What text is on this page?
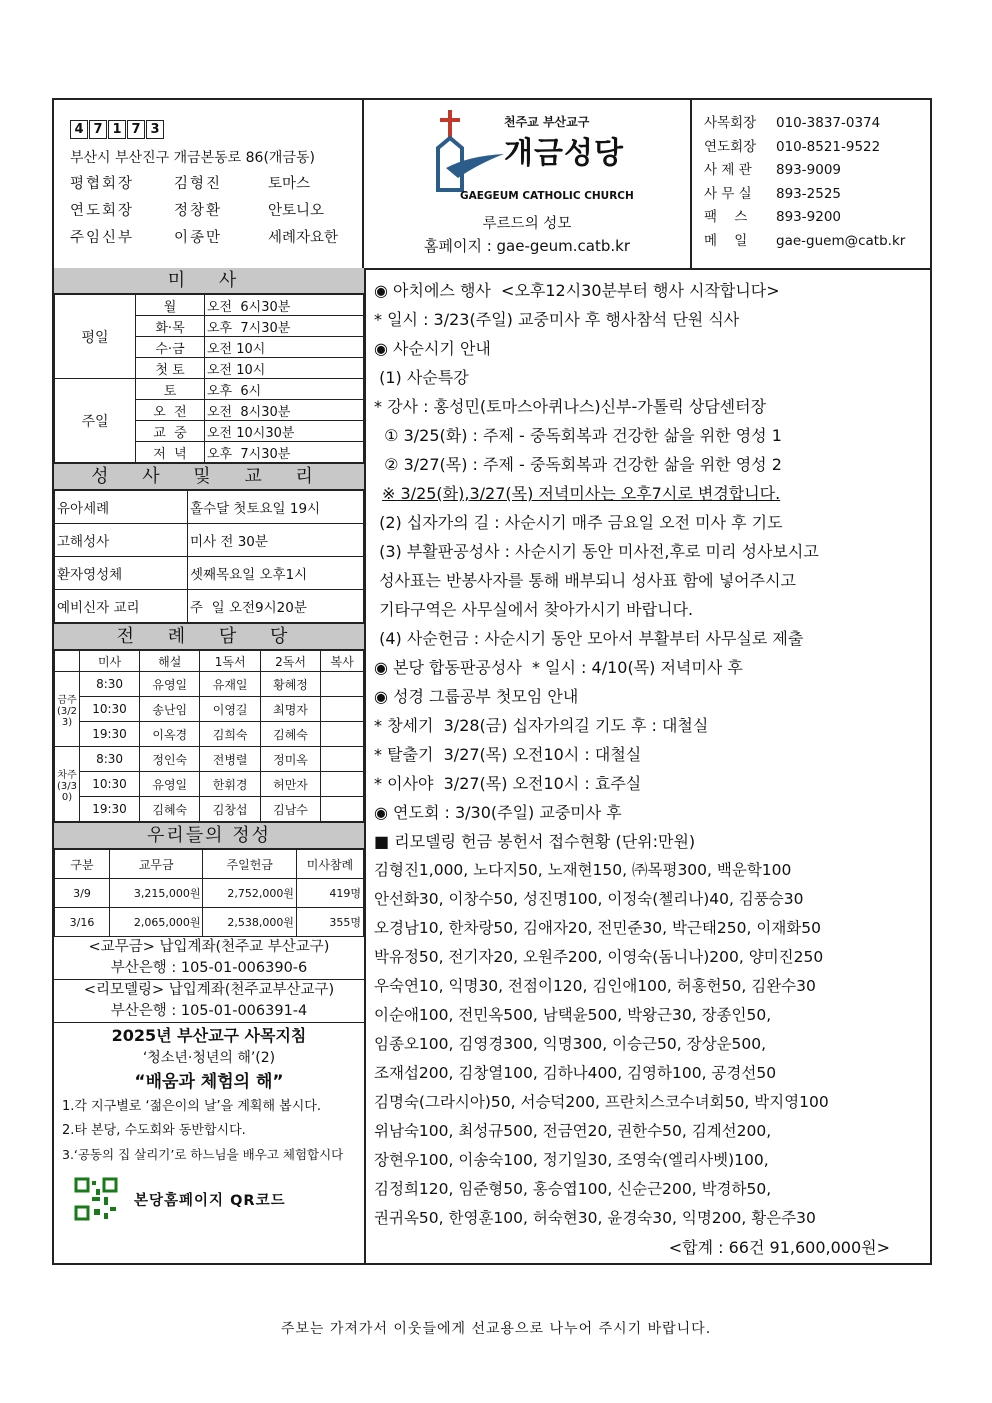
4 7 1 7 3
부산시 부산진구 개금본동로 86(개금동)
평협회장	김형진	토마스
연도회장	정창환	안토니오
주임신부	이종만	세례자요한
천주교 부산교구
개금성당
GAEGEUM CATHOLIC CHURCH
루르드의 성모
홈페이지 : gae-geum.catb.kr
사목회장	010-3837-0374
연도회장	010-8521-9522
사 제 관	893-9009
사 무 실	893-2525
팩    스	893-9200
메    일	gae-guem@catb.kr
미 사
평일	월	오전  6시30분
	화·목	오후  7시30분
	수·금	오전 10시
	첫 토	오전 10시
주일	토	오후  6시
	오  전	오전  8시30분
	교  중	오전 10시30분
	저  녁	오후  7시30분
성 사 및 교 리
유아세례	홀수달 첫토요일 19시
고해성사	미사 전 30분
환자영성체	셋째목요일 오후1시
예비신자 교리	주  일 오전9시20분
전 례 담 당
	미사	해설	1독서	2독서	복사
금주(3/23)	8:30	유영일	유재일	황혜정	
	10:30	송난임	이영길	최명자	
	19:30	이옥경	김희숙	김혜숙	
차주(3/30)	8:30	정인숙	전병렬	정미옥	
	10:30	유영일	한휘경	허만자	
	19:30	김혜숙	김창섭	김남수	
우리들의 정성
구분	교무금	주일헌금	미사참례
3/9	3,215,000원	2,752,000원	419명
3/16	2,065,000원	2,538,000원	355명
<교무금> 납입계좌(천주교 부산교구)
부산은행 : 105-01-006390-6
<리모델링> 납입계좌(천주교부산교구)
부산은행 : 105-01-006391-4
2025년 부산교구 사목지침
‘청소년·청년의 해’(2)
“배움과 체험의 해”
1.각 지구별로 ‘젊은이의 날’을 계획해 봅시다.
2.타 본당, 수도회와 동반합시다.
3.‘공동의 집 살리기’로 하느님을 배우고 체험합시다
본당홈페이지 QR코드
◉ 아치에스 행사  <오후12시30분부터 행사 시작합니다>
* 일시 : 3/23(주일) 교중미사 후 행사참석 단원 식사
◉ 사순시기 안내
(1) 사순특강
* 강사 : 홍성민(토마스아퀴나스)신부-가톨릭 상담센터장
① 3/25(화) : 주제 - 중독회복과 건강한 삶을 위한 영성 1
② 3/27(목) : 주제 - 중독회복과 건강한 삶을 위한 영성 2
※ 3/25(화),3/27(목) 저녁미사는 오후7시로 변경합니다.
(2) 십자가의 길 : 사순시기 매주 금요일 오전 미사 후 기도
(3) 부활판공성사 : 사순시기 동안 미사전,후로 미리 성사보시고
성사표는 반봉사자를 통해 배부되니 성사표 함에 넣어주시고
기타구역은 사무실에서 찾아가시기 바랍니다.
(4) 사순헌금 : 사순시기 동안 모아서 부활부터 사무실로 제출
◉ 본당 합동판공성사  * 일시 : 4/10(목) 저녁미사 후
◉ 성경 그룹공부 첫모임 안내
* 창세기  3/28(금) 십자가의길 기도 후 : 대철실
* 탈출기  3/27(목) 오전10시 : 대철실
* 이사야  3/27(목) 오전10시 : 효주실
◉ 연도회 : 3/30(주일) 교중미사 후
■ 리모델링 헌금 봉헌서 접수현황 (단위:만원)
김형진1,000, 노다지50, 노재현150, ㈜목평300, 백운학100
안선화30, 이창수50, 성진명100, 이정숙(첼리나)40, 김풍승30
오경남10, 한차랑50, 김애자20, 전민준30, 박근태250, 이재화50
박유정50, 전기자20, 오원주200, 이영숙(돔니나)200, 양미진250
우숙연10, 익명30, 전점이120, 김인애100, 허홍헌50, 김완수30
이순애100, 전민옥500, 남택윤500, 박왕근30, 장종인50,
임종오100, 김영경300, 익명300, 이승근50, 장상운500,
조재섭200, 김창열100, 김하나400, 김영하100, 공경선50
김명숙(그라시아)50, 서승덕200, 프란치스코수녀회50, 박지영100
위남숙100, 최성규500, 전금연20, 권한수50, 김계선200,
장현우100, 이송숙100, 정기일30, 조영숙(엘리사벳)100,
김정희120, 임준형50, 홍승엽100, 신순근200, 박경하50,
권귀옥50, 한영훈100, 허숙현30, 윤경숙30, 익명200, 황은주30
<합계 : 66건 91,600,000원>
주보는 가져가서 이웃들에게 선교용으로 나누어 주시기 바랍니다.
